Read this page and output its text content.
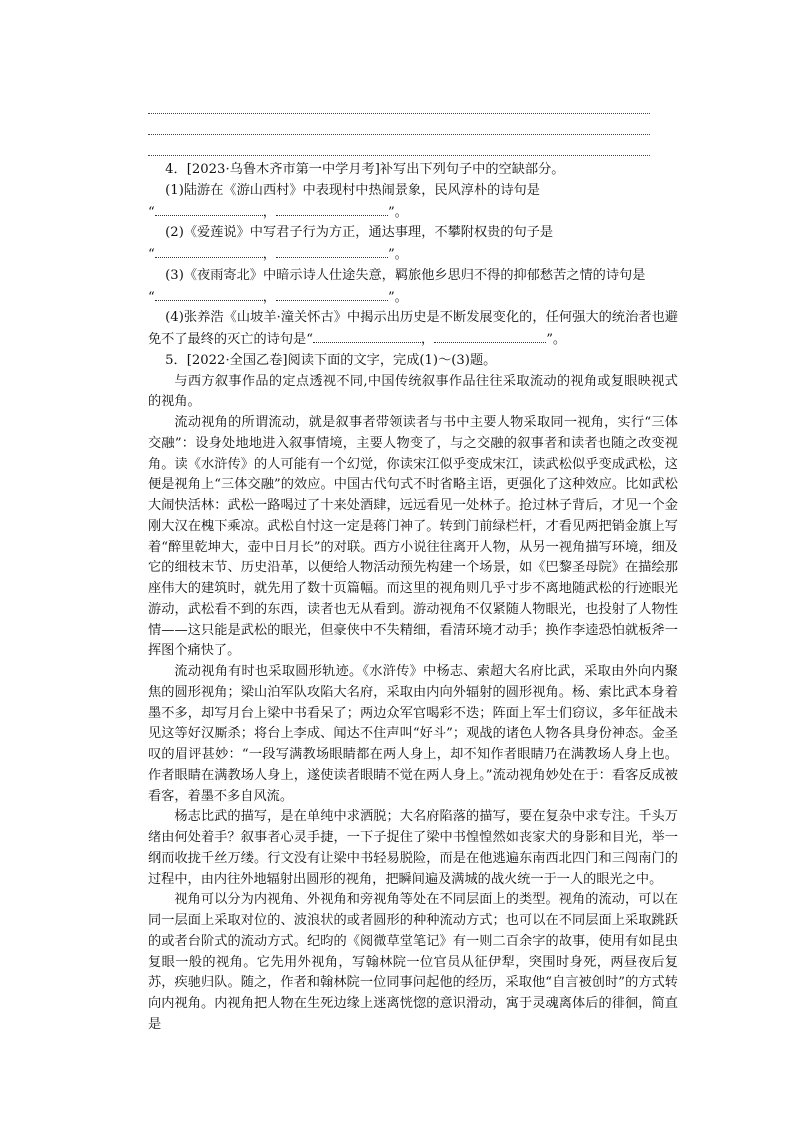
4．[2023·乌鲁木齐市第一中学月考]补写出下列句子中的空缺部分。

(1)陆游在《游山西村》中表现村中热闹景象，民风淳朴的诗句是

“	，	”。

(2)《爱莲说》中写君子行为方正，通达事理，不攀附权贵的句子是

“	，	”。

(3)《夜雨寄北》中暗示诗人仕途失意，羁旅他乡思归不得的抑郁愁苦之情的诗句是

“	，	”。

(4)张养浩《山坡羊·潼关怀古》中揭示出历史是不断发展变化的，任何强大的统治者也避免不了最终的灭亡的诗句是“	，	”。

5．[2022·全国乙卷]阅读下面的文字，完成(1)～(3)题。

与西方叙事作品的定点透视不同,中国传统叙事作品往往采取流动的视角或复眼映视式的视角。

流动视角的所谓流动，就是叙事者带领读者与书中主要人物采取同一视角，实行“三体交融”：设身处地地进入叙事情境，主要人物变了，与之交融的叙事者和读者也随之改变视角。读《水浒传》的人可能有一个幻觉，你读宋江似乎变成宋江，读武松似乎变成武松，这便是视角上“三体交融”的效应。中国古代句式不时省略主语，更强化了这种效应。比如武松大闹快活林：武松一路喝过了十来处酒肆，远远看见一处林子。抢过林子背后，才见一个金刚大汉在槐下乘凉。武松自忖这一定是蒋门神了。转到门前绿栏杆，才看见两把销金旗上写着“醉里乾坤大，壶中日月长”的对联。西方小说往往离开人物，从另一视角描写环境，细及它的细枝末节、历史沿革，以便给人物活动预先构建一个场景，如《巴黎圣母院》在描绘那座伟大的建筑时，就先用了数十页篇幅。而这里的视角则几乎寸步不离地随武松的行迹眼光游动，武松看不到的东西，读者也无从看到。游动视角不仅紧随人物眼光，也投射了人物性情——这只能是武松的眼光，但豪侠中不失精细，看清环境才动手；换作李逵恐怕就板斧一挥图个痛快了。

流动视角有时也采取圆形轨迹。《水浒传》中杨志、索超大名府比武，采取由外向内聚焦的圆形视角；梁山泊军队攻陷大名府，采取由内向外辐射的圆形视角。杨、索比武本身着墨不多，却写月台上梁中书看呆了；两边众军官喝彩不迭；阵面上军士们窃议，多年征战未见这等好汉厮杀；将台上李成、闻达不住声叫“好斗”；观战的诸色人物各具身份神态。金圣叹的眉评甚妙：“一段写满教场眼睛都在两人身上，却不知作者眼睛乃在满教场人身上也。作者眼睛在满教场人身上，遂使读者眼睛不觉在两人身上。”流动视角妙处在于：看客反成被看客，着墨不多自风流。

杨志比武的描写，是在单纯中求洒脱；大名府陷落的描写，要在复杂中求专注。千头万绪由何处着手？叙事者心灵手捷，一下子捉住了梁中书惶惶然如丧家犬的身影和目光，举一纲而收拢千丝万缕。行文没有让梁中书轻易脱险，而是在他逃遍东南西北四门和三闯南门的过程中，由内往外地辐射出圆形的视角，把瞬间遍及满城的战火统一于一人的眼光之中。

视角可以分为内视角、外视角和旁视角等处在不同层面上的类型。视角的流动，可以在同一层面上采取对位的、波浪状的或者圆形的种种流动方式；也可以在不同层面上采取跳跃的或者台阶式的流动方式。纪昀的《阅微草堂笔记》有一则二百余字的故事，使用有如昆虫复眼一般的视角。它先用外视角，写翰林院一位官员从征伊犁，突围时身死，两昼夜后复苏，疾驰归队。随之，作者和翰林院一位同事问起他的经历，采取他“自言被创时”的方式转向内视角。内视角把人物在生死边缘上迷离恍惚的意识滑动，寓于灵魂离体后的徘徊，简直是
